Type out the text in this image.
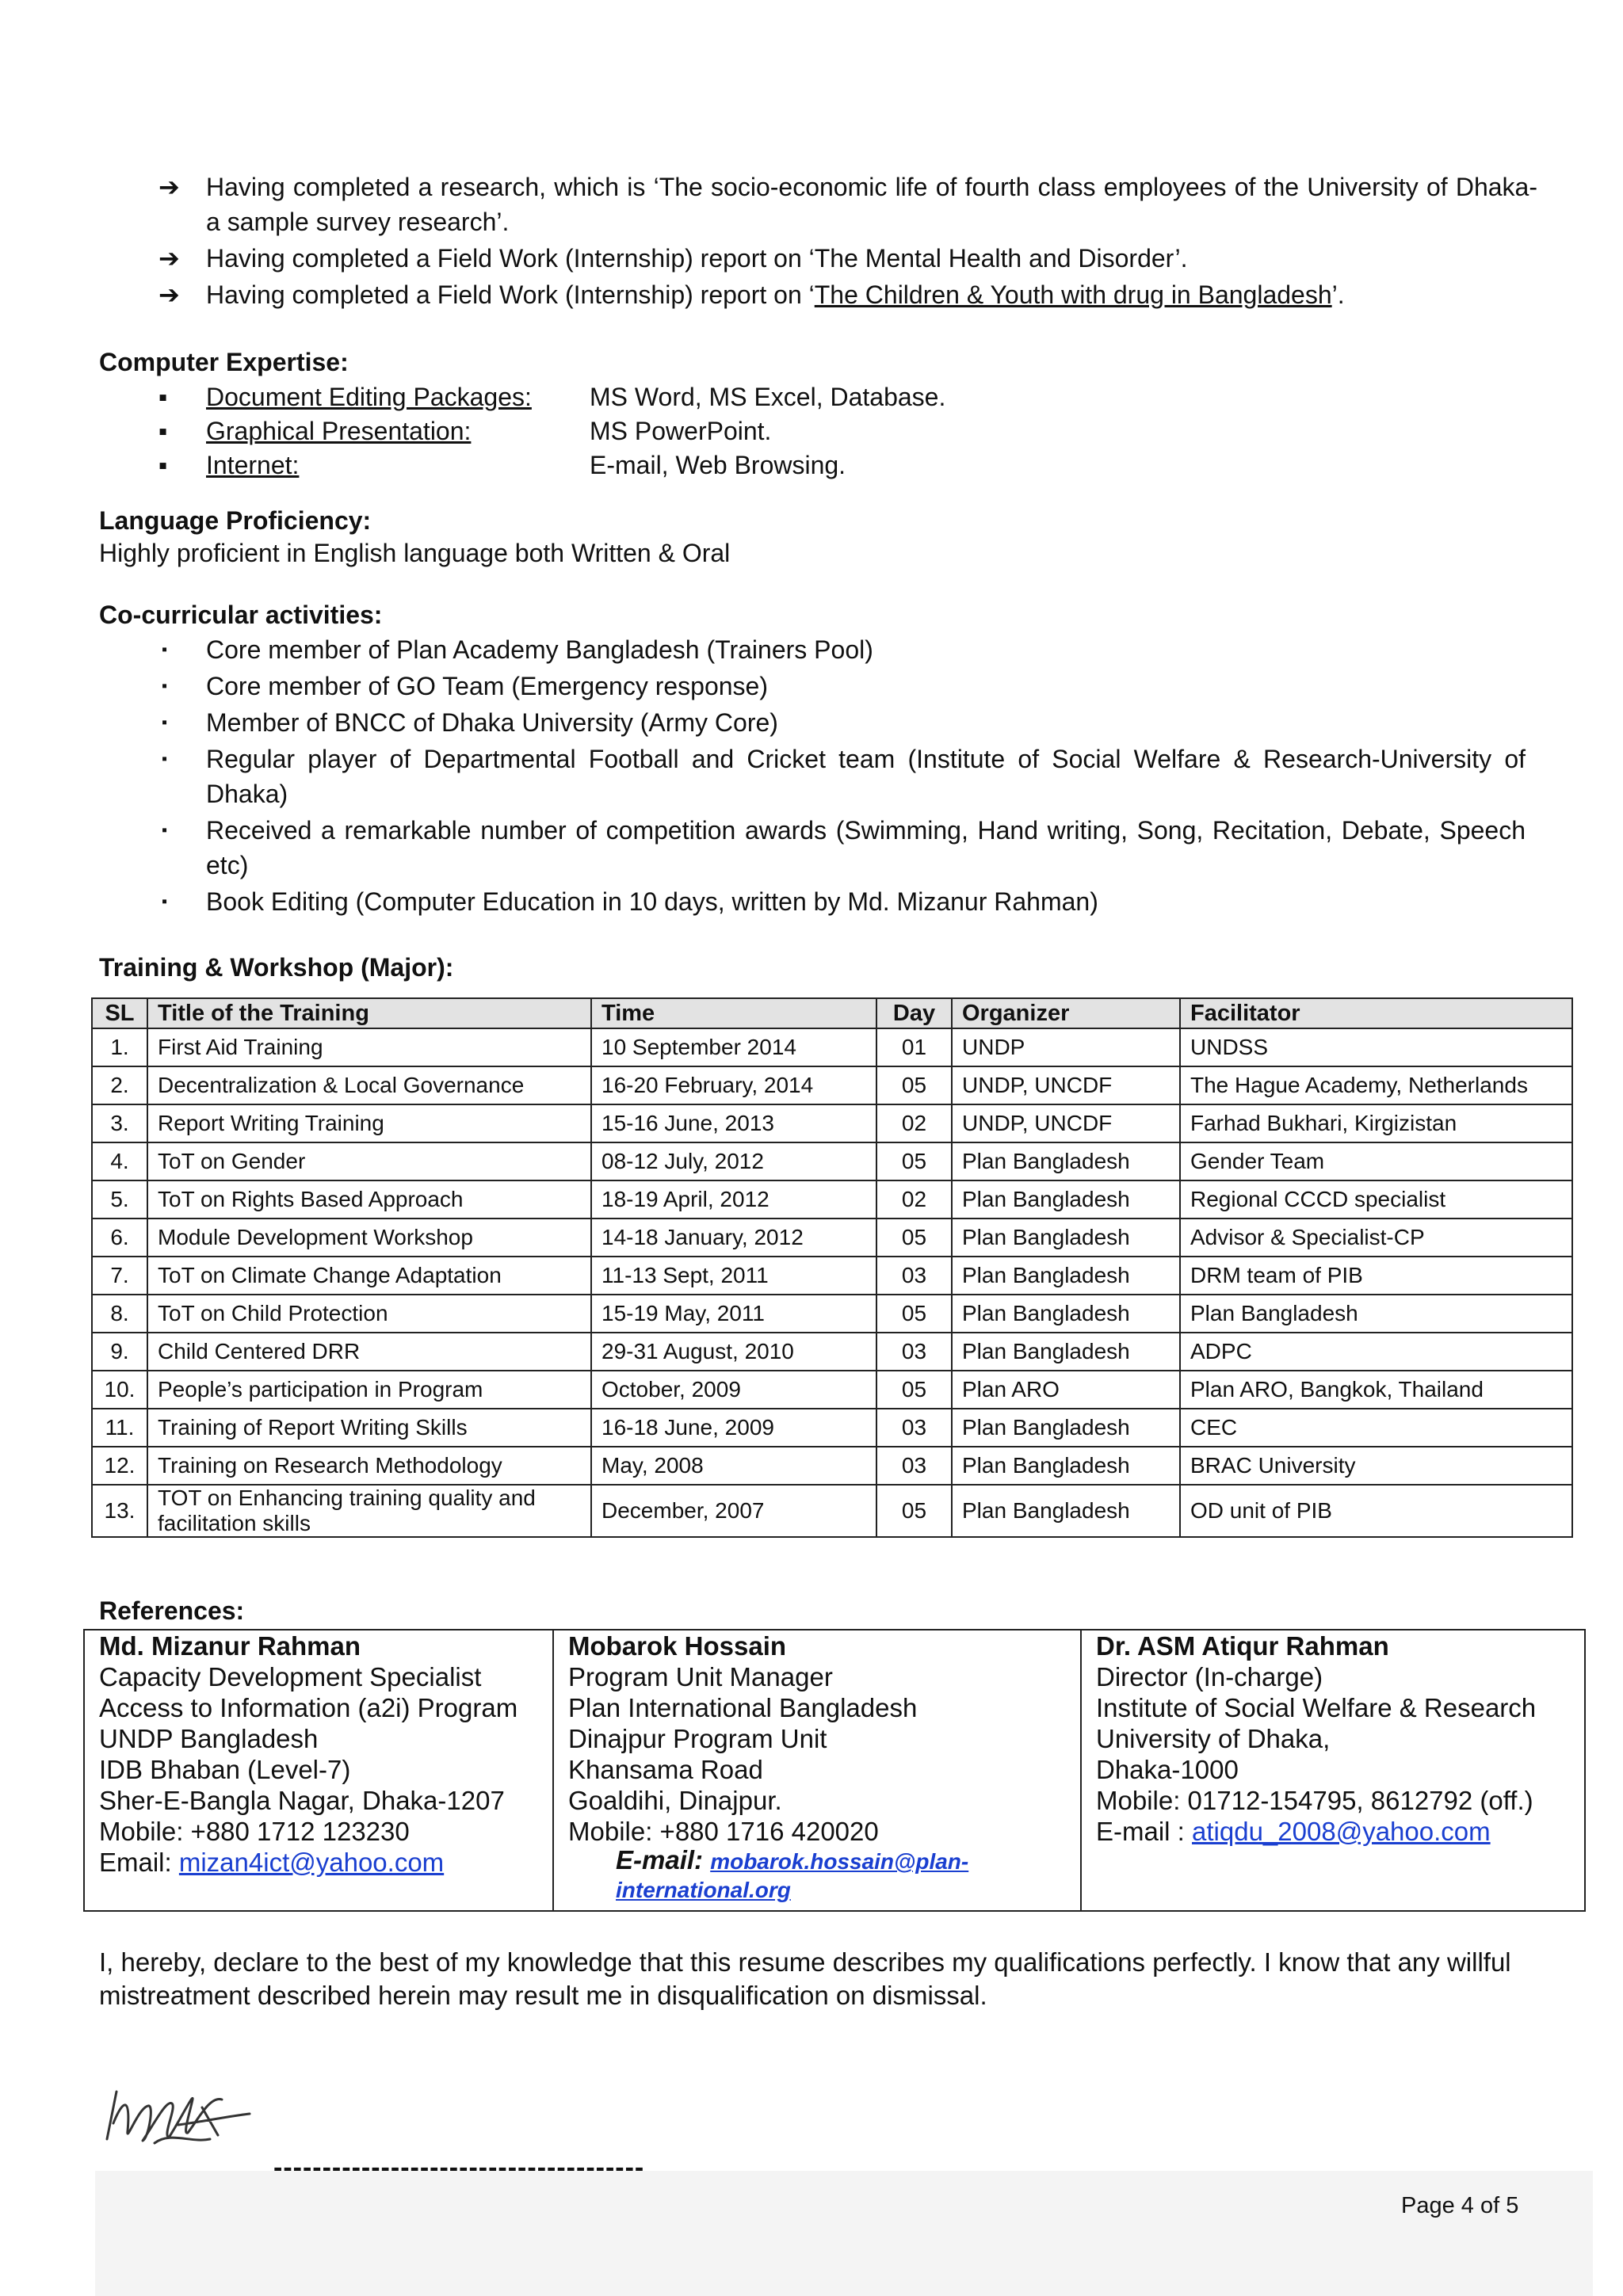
➔	Having completed a research, which is ‘The socio-economic life of fourth class employees of the University of Dhaka- a sample survey research’.
➔	Having completed a Field Work (Internship) report on ‘The Mental Health and Disorder’.
➔	Having completed a Field Work (Internship) report on ‘The Children & Youth with drug in Bangladesh’.
Computer Expertise:
▪	Document Editing Packages:	MS Word, MS Excel, Database.
▪	Graphical Presentation:	MS PowerPoint.
▪	Internet:	E-mail, Web Browsing.
Language Proficiency:
Highly proficient in English language both Written & Oral
Co-curricular activities:
▪ Core member of Plan Academy Bangladesh (Trainers Pool)
▪ Core member of GO Team (Emergency response)
▪ Member of BNCC of Dhaka University (Army Core)
▪ Regular player of Departmental Football and Cricket team (Institute of Social Welfare & Research-University of Dhaka)
▪ Received a remarkable number of competition awards (Swimming, Hand writing, Song, Recitation, Debate, Speech etc)
▪ Book Editing (Computer Education in 10 days, written by Md. Mizanur Rahman)
Training & Workshop (Major):
SL	Title of the Training	Time	Day	Organizer	Facilitator
1.	First Aid Training	10 September 2014	01	UNDP	UNDSS
2.	Decentralization & Local Governance	16-20 February, 2014	05	UNDP, UNCDF	The Hague Academy, Netherlands
3.	Report Writing Training	15-16 June, 2013	02	UNDP, UNCDF	Farhad Bukhari, Kirgizistan
4.	ToT on Gender	08-12 July, 2012	05	Plan Bangladesh	Gender Team
5.	ToT on Rights Based Approach	18-19 April, 2012	02	Plan Bangladesh	Regional CCCD specialist
6.	Module Development Workshop	14-18 January, 2012	05	Plan Bangladesh	Advisor & Specialist-CP
7.	ToT on Climate Change Adaptation	11-13 Sept, 2011	03	Plan Bangladesh	DRM team of PIB
8.	ToT on Child Protection	15-19 May, 2011	05	Plan Bangladesh	Plan Bangladesh
9.	Child Centered DRR	29-31 August, 2010	03	Plan Bangladesh	ADPC
10.	People’s participation in Program	October, 2009	05	Plan ARO	Plan ARO, Bangkok, Thailand
11.	Training of Report Writing Skills	16-18 June, 2009	03	Plan Bangladesh	CEC
12.	Training on Research Methodology	May, 2008	03	Plan Bangladesh	BRAC University
13.	TOT on Enhancing training quality and facilitation skills	December, 2007	05	Plan Bangladesh	OD unit of PIB
References:
Md. Mizanur Rahman
Capacity Development Specialist
Access to Information (a2i) Program
UNDP Bangladesh
IDB Bhaban (Level-7)
Sher-E-Bangla Nagar, Dhaka-1207
Mobile: +880 1712 123230
Email: mizan4ict@yahoo.com

Mobarok Hossain
Program Unit Manager
Plan International Bangladesh
Dinajpur Program Unit
Khansama Road
Goaldihi, Dinajpur.
Mobile: +880 1716 420020
E-mail: mobarok.hossain@plan-international.org

Dr. ASM Atiqur Rahman
Director (In-charge)
Institute of Social Welfare & Research
University of Dhaka,
Dhaka-1000
Mobile: 01712-154795, 8612792 (off.)
E-mail : atiqdu_2008@yahoo.com
I, hereby, declare to the best of my knowledge that this resume describes my qualifications perfectly. I know that any willful mistreatment described herein may result me in disqualification on dismissal.
--------------------------------------
Page 4 of 5
